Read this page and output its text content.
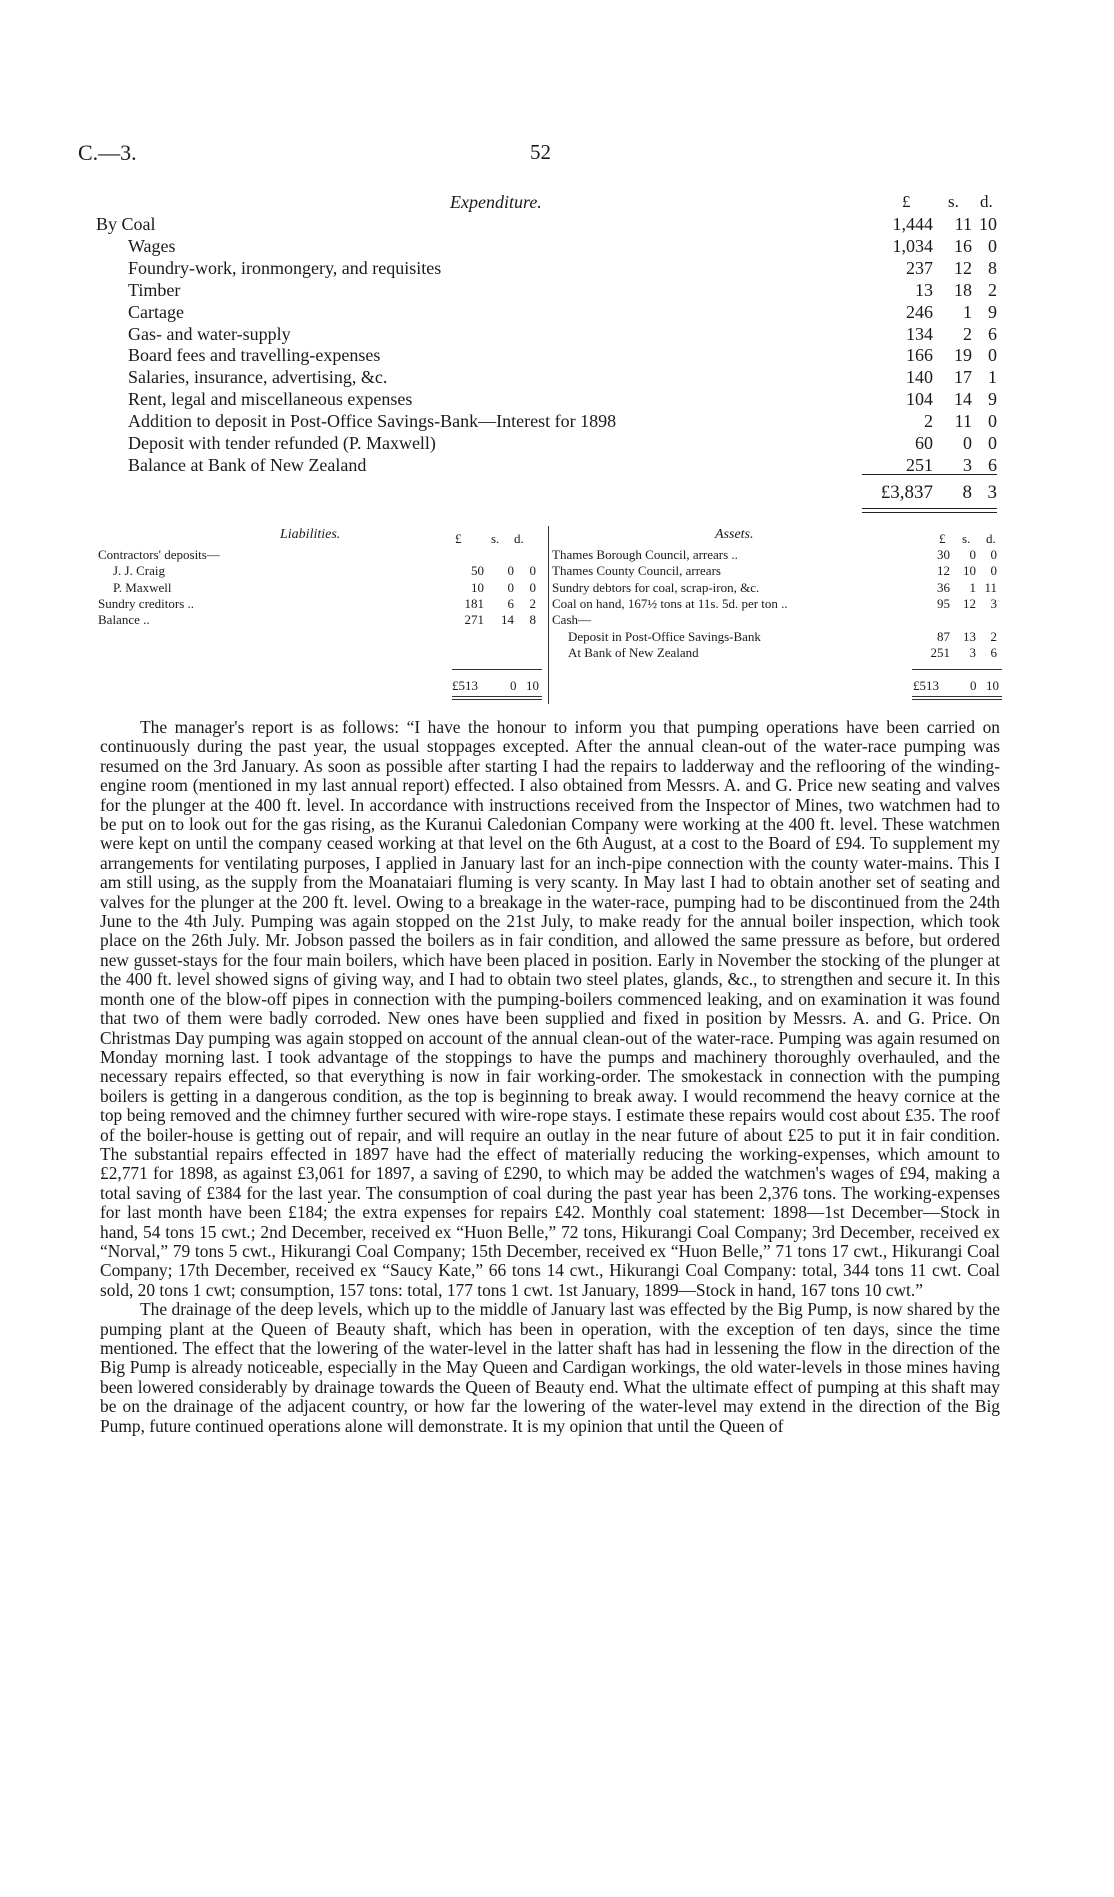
C.—3.	52
Expenditure.	£ s. d.
By Coal	1,444 11 10
Wages	1,034 16 0
Foundry-work, ironmongery, and requisites	237 12 8
Timber	13 18 2
Cartage	246 1 9
Gas- and water-supply	134 2 6
Board fees and travelling-expenses	166 19 0
Salaries, insurance, advertising, &c.	140 17 1
Rent, legal and miscellaneous expenses	104 14 9
Addition to deposit in Post-Office Savings-Bank—Interest for 1898	2 11 0
Deposit with tender refunded (P. Maxwell)	60 0 0
Balance at Bank of New Zealand	251 3 6
£3,837 8 3
Liabilities.	£ s. d.	Assets.	£ s. d.
Contractors' deposits—
J. J. Craig	50 0 0
P. Maxwell	10 0 0
Sundry creditors ..	181 6 2
Balance ..	271 14 8
Thames Borough Council, arrears ..	30 0 0
Thames County Council, arrears	12 10 0
Sundry debtors for coal, scrap-iron, &c.	36 1 11
Coal on hand, 167½ tons at 11s. 5d. per ton ..	95 12 3
Cash—
Deposit in Post-Office Savings-Bank	87 13 2
At Bank of New Zealand	251 3 6
£513 0 10	£513 0 10

The manager's report is as follows: “I have the honour to inform you that pumping operations have been carried on continuously during the past year, the usual stoppages excepted. After the annual clean-out of the water-race pumping was resumed on the 3rd January. As soon as possible after starting I had the repairs to ladderway and the reflooring of the winding-engine room (mentioned in my last annual report) effected. I also obtained from Messrs. A. and G. Price new seating and valves for the plunger at the 400 ft. level. In accordance with instructions received from the Inspector of Mines, two watchmen had to be put on to look out for the gas rising, as the Kuranui Caledonian Company were working at the 400 ft. level. These watchmen were kept on until the company ceased working at that level on the 6th August, at a cost to the Board of £94. To supplement my arrangements for ventilating purposes, I applied in January last for an inch-pipe connection with the county water-mains. This I am still using, as the supply from the Moanataiari fluming is very scanty. In May last I had to obtain another set of seating and valves for the plunger at the 200 ft. level. Owing to a breakage in the water-race, pumping had to be discontinued from the 24th June to the 4th July. Pumping was again stopped on the 21st July, to make ready for the annual boiler inspection, which took place on the 26th July. Mr. Jobson passed the boilers as in fair condition, and allowed the same pressure as before, but ordered new gusset-stays for the four main boilers, which have been placed in position. Early in November the stocking of the plunger at the 400 ft. level showed signs of giving way, and I had to obtain two steel plates, glands, &c., to strengthen and secure it. In this month one of the blow-off pipes in connection with the pumping-boilers commenced leaking, and on examination it was found that two of them were badly corroded. New ones have been supplied and fixed in position by Messrs. A. and G. Price. On Christmas Day pumping was again stopped on account of the annual clean-out of the water-race. Pumping was again resumed on Monday morning last. I took advantage of the stoppings to have the pumps and machinery thoroughly overhauled, and the necessary repairs effected, so that everything is now in fair working-order. The smokestack in connection with the pumping boilers is getting in a dangerous condition, as the top is beginning to break away. I would recommend the heavy cornice at the top being removed and the chimney further secured with wire-rope stays. I estimate these repairs would cost about £35. The roof of the boiler-house is getting out of repair, and will require an outlay in the near future of about £25 to put it in fair condition. The substantial repairs effected in 1897 have had the effect of materially reducing the working-expenses, which amount to £2,771 for 1898, as against £3,061 for 1897, a saving of £290, to which may be added the watchmen's wages of £94, making a total saving of £384 for the last year. The consumption of coal during the past year has been 2,376 tons. The working-expenses for last month have been £184; the extra expenses for repairs £42. Monthly coal statement: 1898—1st December—Stock in hand, 54 tons 15 cwt.; 2nd December, received ex “Huon Belle,” 72 tons, Hikurangi Coal Company; 3rd December, received ex “Norval,” 79 tons 5 cwt., Hikurangi Coal Company; 15th December, received ex “Huon Belle,” 71 tons 17 cwt., Hikurangi Coal Company; 17th December, received ex “Saucy Kate,” 66 tons 14 cwt., Hikurangi Coal Company: total, 344 tons 11 cwt. Coal sold, 20 tons 1 cwt; consumption, 157 tons: total, 177 tons 1 cwt. 1st January, 1899—Stock in hand, 167 tons 10 cwt.”

The drainage of the deep levels, which up to the middle of January last was effected by the Big Pump, is now shared by the pumping plant at the Queen of Beauty shaft, which has been in operation, with the exception of ten days, since the time mentioned. The effect that the lowering of the water-level in the latter shaft has had in lessening the flow in the direction of the Big Pump is already noticeable, especially in the May Queen and Cardigan workings, the old water-levels in those mines having been lowered considerably by drainage towards the Queen of Beauty end. What the ultimate effect of pumping at this shaft may be on the drainage of the adjacent country, or how far the lowering of the water-level may extend in the direction of the Big Pump, future continued operations alone will demonstrate. It is my opinion that until the Queen of
